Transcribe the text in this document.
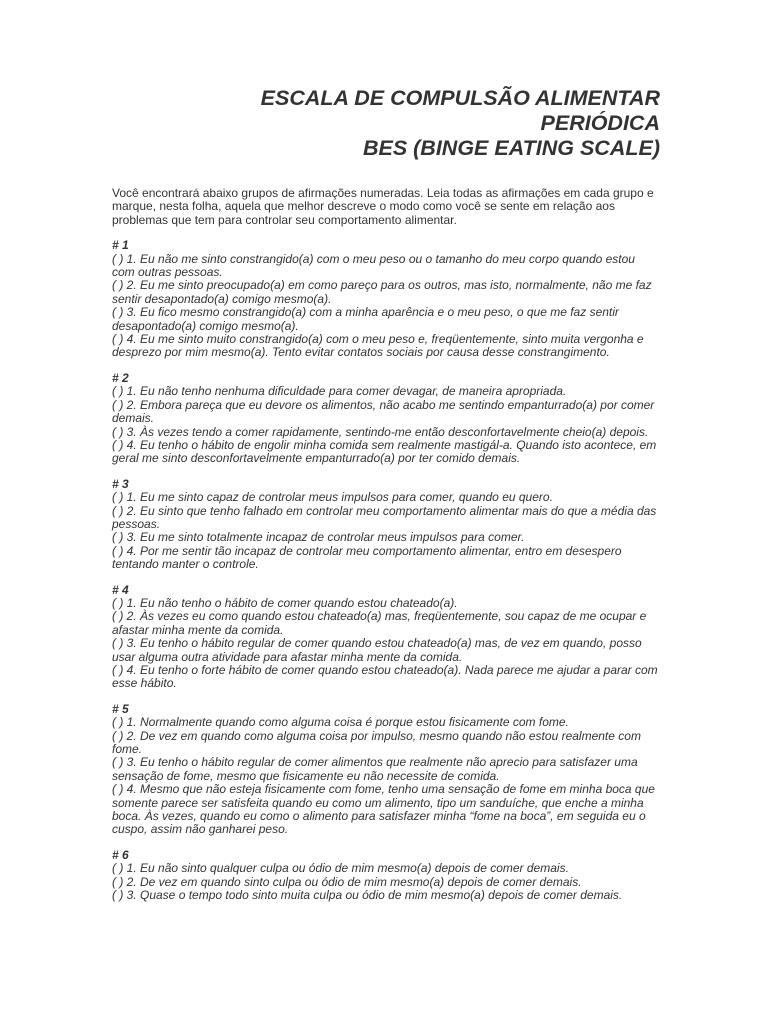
ESCALA DE COMPULSÃO ALIMENTAR
PERIÓDICA
BES (BINGE EATING SCALE)

Você encontrará abaixo grupos de afirmações numeradas. Leia todas as afirmações em cada grupo e marque, nesta folha, aquela que melhor descreve o modo como você se sente em relação aos problemas que tem para controlar seu comportamento alimentar.

# 1
( ) 1. Eu não me sinto constrangido(a) com o meu peso ou o tamanho do meu corpo quando estou com outras pessoas.
( ) 2. Eu me sinto preocupado(a) em como pareço para os outros, mas isto, normalmente, não me faz sentir desapontado(a) comigo mesmo(a).
( ) 3. Eu fico mesmo constrangido(a) com a minha aparência e o meu peso, o que me faz sentir desapontado(a) comigo mesmo(a).
( ) 4. Eu me sinto muito constrangido(a) com o meu peso e, freqüentemente, sinto muita vergonha e desprezo por mim mesmo(a). Tento evitar contatos sociais por causa desse constrangimento.
# 2
( ) 1. Eu não tenho nenhuma dificuldade para comer devagar, de maneira apropriada.
( ) 2. Embora pareça que eu devore os alimentos, não acabo me sentindo empanturrado(a) por comer demais.
( ) 3. Às vezes tendo a comer rapidamente, sentindo-me então desconfortavelmente cheio(a) depois.
( ) 4. Eu tenho o hábito de engolir minha comida sem realmente mastigál-a. Quando isto acontece, em geral me sinto desconfortavelmente empanturrado(a) por ter comido demais.
# 3
( ) 1. Eu me sinto capaz de controlar meus impulsos para comer, quando eu quero.
( ) 2. Eu sinto que tenho falhado em controlar meu comportamento alimentar mais do que a média das pessoas.
( ) 3. Eu me sinto totalmente incapaz de controlar meus impulsos para comer.
( ) 4. Por me sentir tão incapaz de controlar meu comportamento alimentar, entro em desespero tentando manter o controle.
# 4
( ) 1. Eu não tenho o hábito de comer quando estou chateado(a).
( ) 2. Às vezes eu como quando estou chateado(a) mas, freqüentemente, sou capaz de me ocupar e afastar minha mente da comida.
( ) 3. Eu tenho o hábito regular de comer quando estou chateado(a) mas, de vez em quando, posso usar alguma outra atividade para afastar minha mente da comida.
( ) 4. Eu tenho o forte hábito de comer quando estou chateado(a). Nada parece me ajudar a parar com esse hábito.
# 5
( ) 1. Normalmente quando como alguma coisa é porque estou fisicamente com fome.
( ) 2. De vez em quando como alguma coisa por impulso, mesmo quando não estou realmente com fome.
( ) 3. Eu tenho o hábito regular de comer alimentos que realmente não aprecio para satisfazer uma sensação de fome, mesmo que fisicamente eu não necessite de comida.
( ) 4. Mesmo que não esteja fisicamente com fome, tenho uma sensação de fome em minha boca que somente parece ser satisfeita quando eu como um alimento, tipo um sanduíche, que enche a minha boca. Às vezes, quando eu como o alimento para satisfazer minha “fome na boca”, em seguida eu o cuspo, assim não ganharei peso.
# 6
( ) 1. Eu não sinto qualquer culpa ou ódio de mim mesmo(a) depois de comer demais.
( ) 2. De vez em quando sinto culpa ou ódio de mim mesmo(a) depois de comer demais.
( ) 3. Quase o tempo todo sinto muita culpa ou ódio de mim mesmo(a) depois de comer demais.
